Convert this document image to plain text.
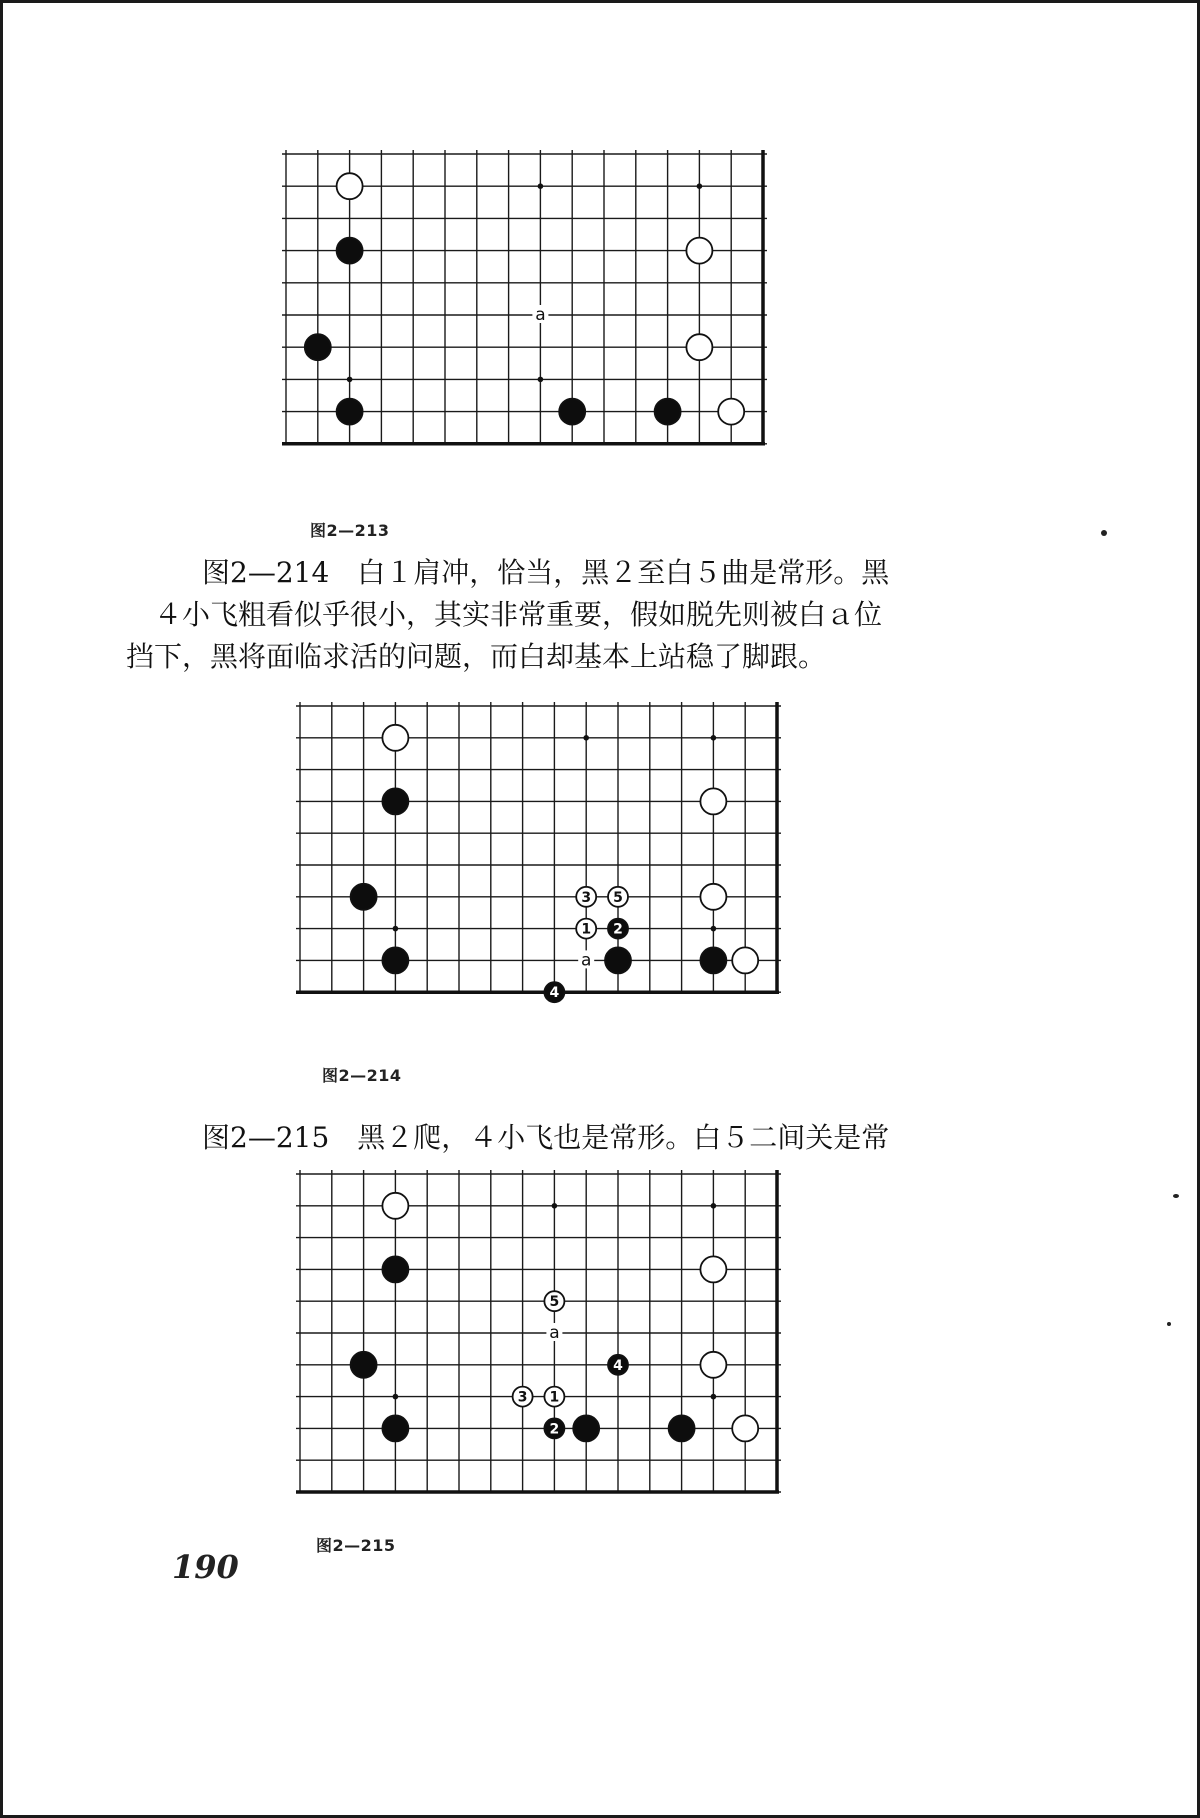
a
图2—213
图2—214　白１肩冲，恰当，黑２至白５曲是常形。黑
４小飞粗看似乎很小，其实非常重要，假如脱先则被白ａ位
挡下，黑将面临求活的问题，而白却基本上站稳了脚跟。
a
3 5
1 2
4
图2—214
图2—215　黑２爬，４小飞也是常形。白５二间关是常
a
5
4
3 1
2
图2—215
190
